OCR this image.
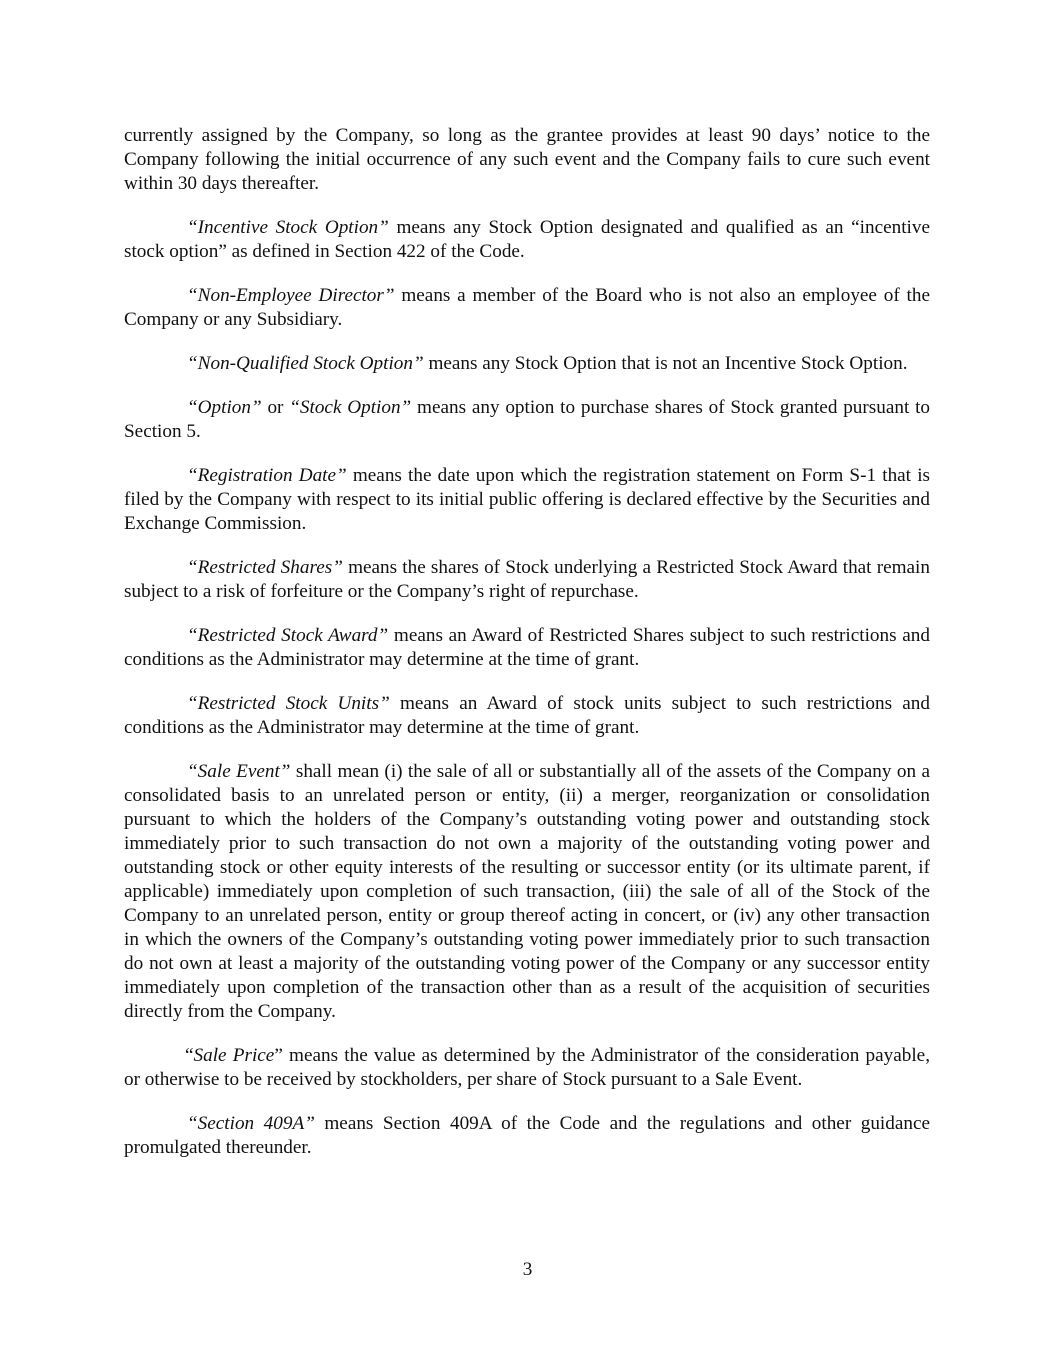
currently assigned by the Company, so long as the grantee provides at least 90 days’ notice to the Company following the initial occurrence of any such event and the Company fails to cure such event within 30 days thereafter.

“Incentive Stock Option” means any Stock Option designated and qualified as an “incentive stock option” as defined in Section 422 of the Code.

“Non-Employee Director” means a member of the Board who is not also an employee of the Company or any Subsidiary.

“Non-Qualified Stock Option” means any Stock Option that is not an Incentive Stock Option.

“Option” or “Stock Option” means any option to purchase shares of Stock granted pursuant to Section 5.

“Registration Date” means the date upon which the registration statement on Form S-1 that is filed by the Company with respect to its initial public offering is declared effective by the Securities and Exchange Commission.

“Restricted Shares” means the shares of Stock underlying a Restricted Stock Award that remain subject to a risk of forfeiture or the Company’s right of repurchase.

“Restricted Stock Award” means an Award of Restricted Shares subject to such restrictions and conditions as the Administrator may determine at the time of grant.

“Restricted Stock Units” means an Award of stock units subject to such restrictions and conditions as the Administrator may determine at the time of grant.

“Sale Event” shall mean (i) the sale of all or substantially all of the assets of the Company on a consolidated basis to an unrelated person or entity, (ii) a merger, reorganization or consolidation pursuant to which the holders of the Company’s outstanding voting power and outstanding stock immediately prior to such transaction do not own a majority of the outstanding voting power and outstanding stock or other equity interests of the resulting or successor entity (or its ultimate parent, if applicable) immediately upon completion of such transaction, (iii) the sale of all of the Stock of the Company to an unrelated person, entity or group thereof acting in concert, or (iv) any other transaction in which the owners of the Company’s outstanding voting power immediately prior to such transaction do not own at least a majority of the outstanding voting power of the Company or any successor entity immediately upon completion of the transaction other than as a result of the acquisition of securities directly from the Company.

“Sale Price” means the value as determined by the Administrator of the consideration payable, or otherwise to be received by stockholders, per share of Stock pursuant to a Sale Event.

“Section 409A” means Section 409A of the Code and the regulations and other guidance promulgated thereunder.

3
